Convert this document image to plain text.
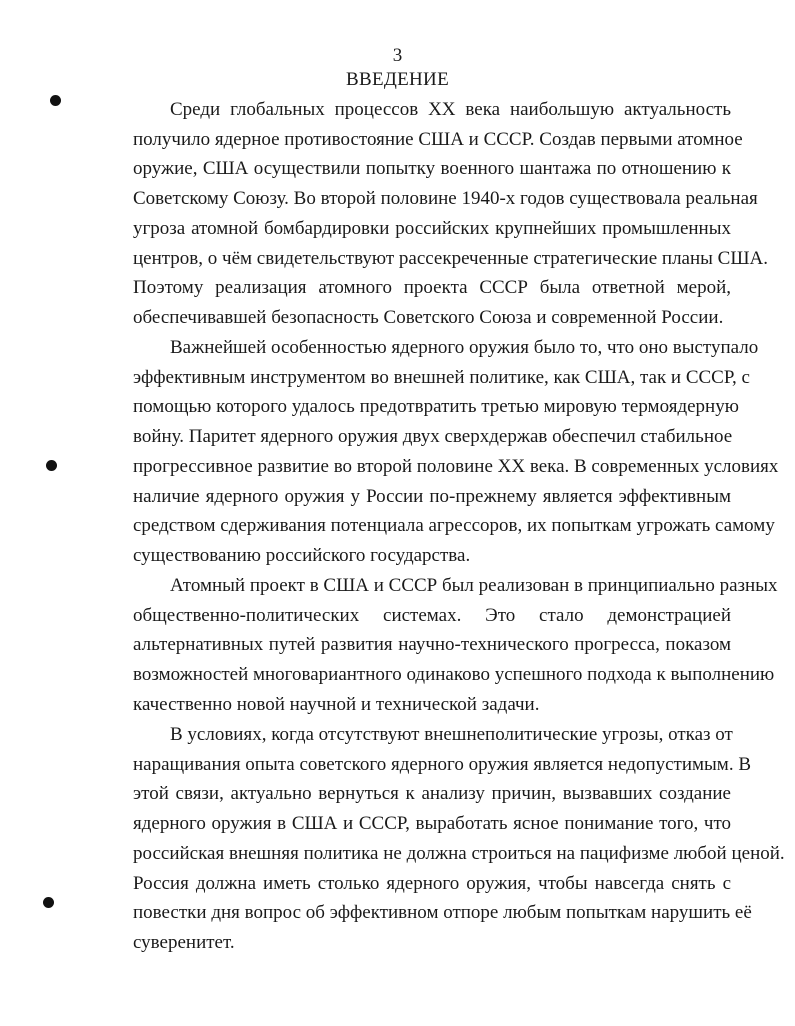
3
ВВЕДЕНИЕ
Среди глобальных процессов XX века наибольшую актуальность
получило ядерное противостояние США и СССР. Создав первыми атомное
оружие, США осуществили попытку военного шантажа по отношению к
Советскому Союзу. Во второй половине 1940-х годов существовала реальная
угроза атомной бомбардировки российских крупнейших промышленных
центров, о чём свидетельствуют рассекреченные стратегические планы США.
Поэтому реализация атомного проекта СССР была ответной мерой,
обеспечивавшей безопасность Советского Союза и современной России.
Важнейшей особенностью ядерного оружия было то, что оно выступало
эффективным инструментом во внешней политике, как США, так и СССР, с
помощью которого удалось предотвратить третью мировую термоядерную
войну. Паритет ядерного оружия двух сверхдержав обеспечил стабильное
прогрессивное развитие во второй половине XX века. В современных условиях
наличие ядерного оружия у России по-прежнему является эффективным
средством сдерживания потенциала агрессоров, их попыткам угрожать самому
существованию российского государства.
Атомный проект в США и СССР был реализован в принципиально разных
общественно-политических системах. Это стало демонстрацией
альтернативных путей развития научно-технического прогресса, показом
возможностей многовариантного одинаково успешного подхода к выполнению
качественно новой научной и технической задачи.
В условиях, когда отсутствуют внешнеполитические угрозы, отказ от
наращивания опыта советского ядерного оружия является недопустимым. В
этой связи, актуально вернуться к анализу причин, вызвавших создание
ядерного оружия в США и СССР, выработать ясное понимание того, что
российская внешняя политика не должна строиться на пацифизме любой ценой.
Россия должна иметь столько ядерного оружия, чтобы навсегда снять с
повестки дня вопрос об эффективном отпоре любым попыткам нарушить её
суверенитет.
